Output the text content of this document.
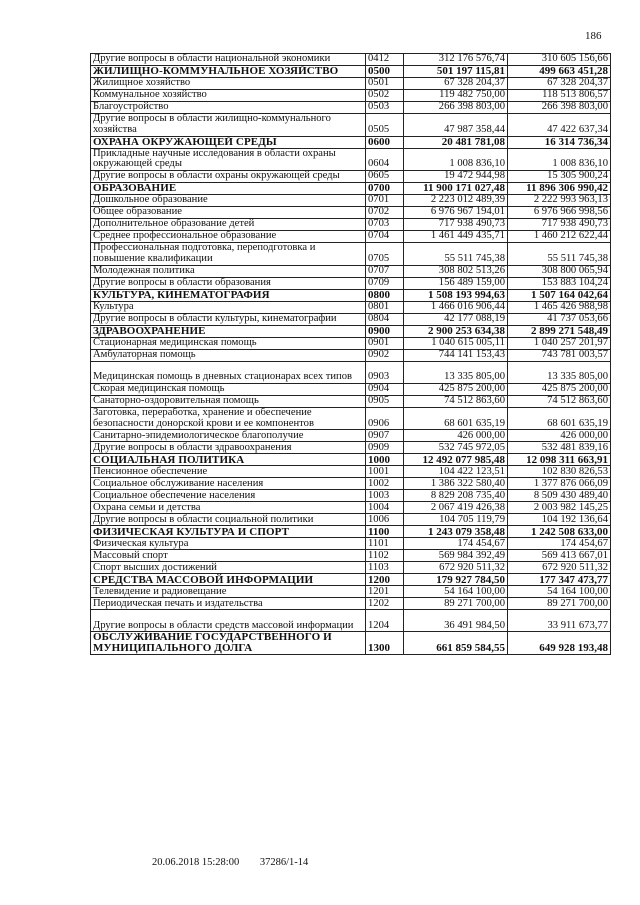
186
Другие вопросы в области национальной экономики	0412	312 176 576,74	310 605 156,66
ЖИЛИЩНО-КОММУНАЛЬНОЕ ХОЗЯЙСТВО	0500	501 197 115,81	499 663 451,28
Жилищное хозяйство	0501	67 328 204,37	67 328 204,37
Коммунальное хозяйство	0502	119 482 750,00	118 513 806,57
Благоустройство	0503	266 398 803,00	266 398 803,00
Другие вопросы в области жилищно-коммунального хозяйства	0505	47 987 358,44	47 422 637,34
ОХРАНА ОКРУЖАЮЩЕЙ СРЕДЫ	0600	20 481 781,08	16 314 736,34
Прикладные научные исследования в области охраны окружающей среды	0604	1 008 836,10	1 008 836,10
Другие вопросы в области охраны окружающей среды	0605	19 472 944,98	15 305 900,24
ОБРАЗОВАНИЕ	0700	11 900 171 027,48	11 896 306 990,42
Дошкольное образование	0701	2 223 012 489,39	2 222 993 963,13
Общее образование	0702	6 976 967 194,01	6 976 966 998,56
Дополнительное образование детей	0703	717 938 490,73	717 938 490,73
Среднее профессиональное образование	0704	1 461 449 435,71	1 460 212 622,44
Профессиональная подготовка, переподготовка и повышение квалификации	0705	55 511 745,38	55 511 745,38
Молодежная политика	0707	308 802 513,26	308 800 065,94
Другие вопросы в области образования	0709	156 489 159,00	153 883 104,24
КУЛЬТУРА, КИНЕМАТОГРАФИЯ	0800	1 508 193 994,63	1 507 164 042,64
Культура	0801	1 466 016 906,44	1 465 426 988,98
Другие вопросы в области культуры, кинематографии	0804	42 177 088,19	41 737 053,66
ЗДРАВООХРАНЕНИЕ	0900	2 900 253 634,38	2 899 271 548,49
Стационарная медицинская помощь	0901	1 040 615 005,11	1 040 257 201,97
Амбулаторная помощь	0902	744 141 153,43	743 781 003,57
Медицинская помощь в дневных стационарах всех типов	0903	13 335 805,00	13 335 805,00
Скорая медицинская помощь	0904	425 875 200,00	425 875 200,00
Санаторно-оздоровительная помощь	0905	74 512 863,60	74 512 863,60
Заготовка, переработка, хранение и обеспечение безопасности донорской крови и ее компонентов	0906	68 601 635,19	68 601 635,19
Санитарно-эпидемиологическое благополучие	0907	426 000,00	426 000,00
Другие вопросы в области здравоохранения	0909	532 745 972,05	532 481 839,16
СОЦИАЛЬНАЯ ПОЛИТИКА	1000	12 492 077 985,48	12 098 311 663,91
Пенсионное обеспечение	1001	104 422 123,51	102 830 826,53
Социальное обслуживание населения	1002	1 386 322 580,40	1 377 876 066,09
Социальное обеспечение населения	1003	8 829 208 735,40	8 509 430 489,40
Охрана семьи и детства	1004	2 067 419 426,38	2 003 982 145,25
Другие вопросы в области социальной политики	1006	104 705 119,79	104 192 136,64
ФИЗИЧЕСКАЯ КУЛЬТУРА И СПОРТ	1100	1 243 079 358,48	1 242 508 633,00
Физическая культура	1101	174 454,67	174 454,67
Массовый спорт	1102	569 984 392,49	569 413 667,01
Спорт высших достижений	1103	672 920 511,32	672 920 511,32
СРЕДСТВА МАССОВОЙ ИНФОРМАЦИИ	1200	179 927 784,50	177 347 473,77
Телевидение и радиовещание	1201	54 164 100,00	54 164 100,00
Периодическая печать и издательства	1202	89 271 700,00	89 271 700,00
Другие вопросы в области средств массовой информации	1204	36 491 984,50	33 911 673,77
ОБСЛУЖИВАНИЕ ГОСУДАРСТВЕННОГО И МУНИЦИПАЛЬНОГО ДОЛГА	1300	661 859 584,55	649 928 193,48
20.06.2018 15:28:00 37286/1-14
